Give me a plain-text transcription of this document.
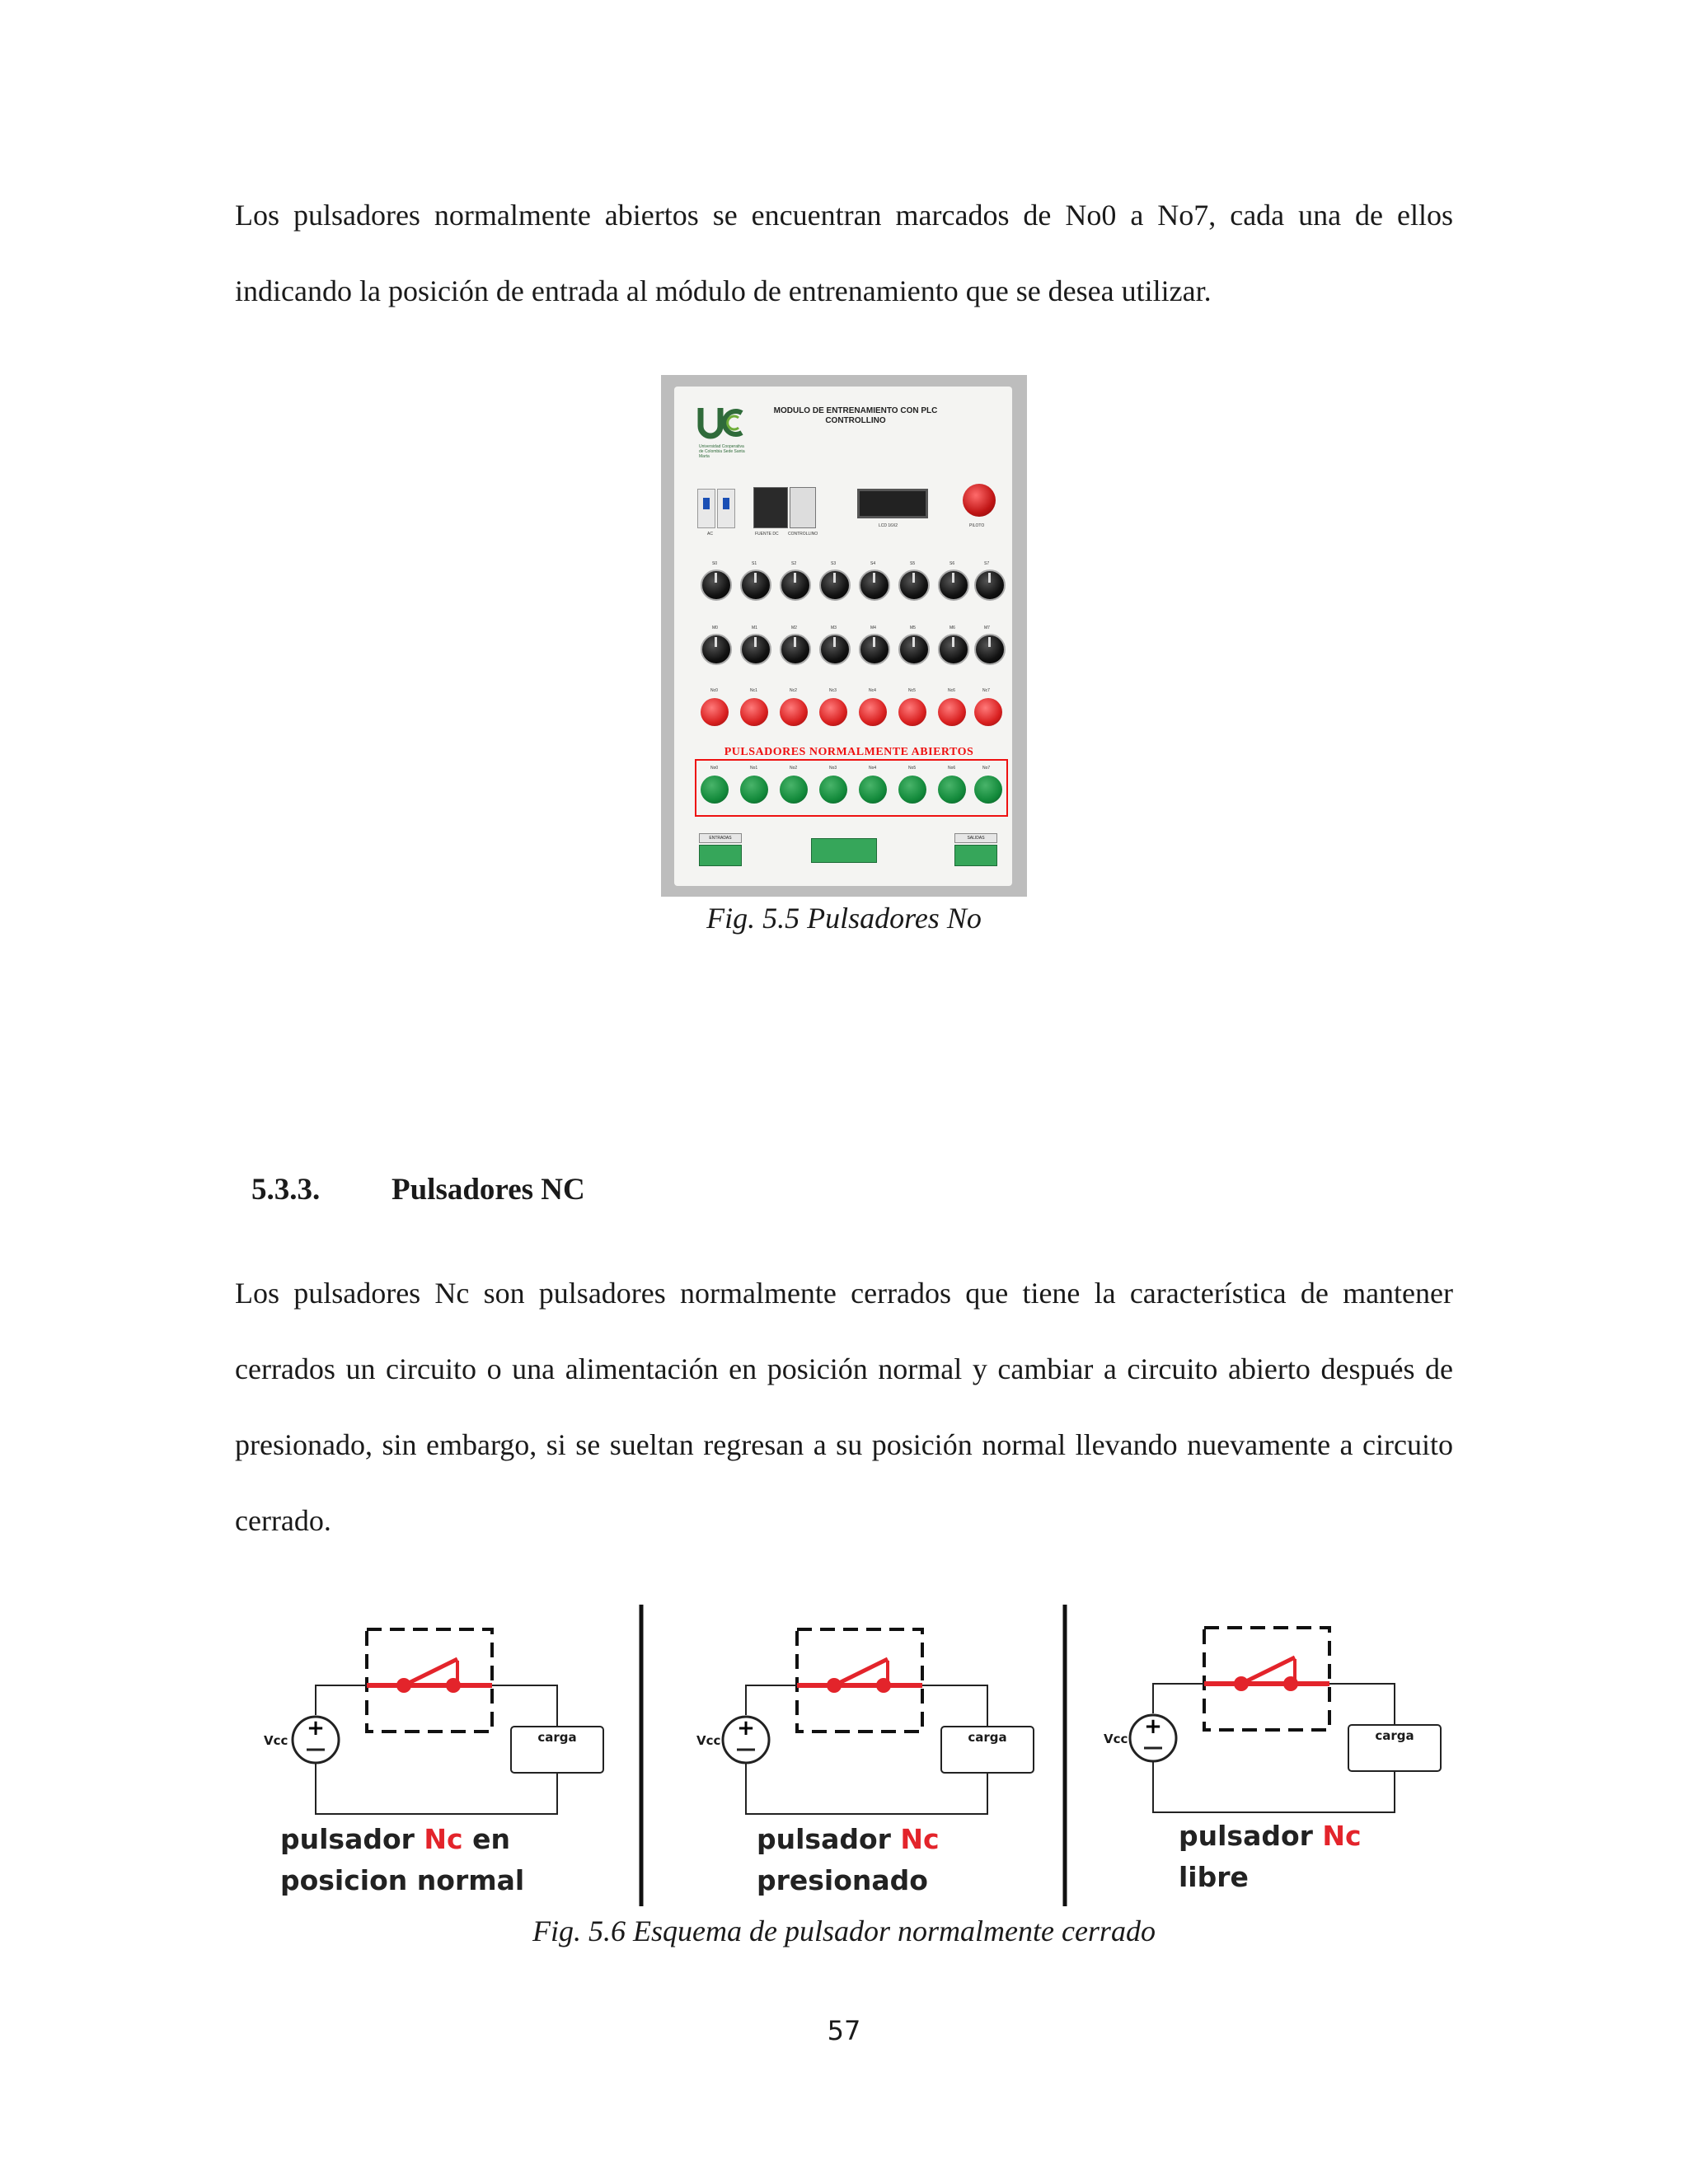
Los pulsadores normalmente abiertos se encuentran marcados de No0 a No7, cada una de ellos indicando la posición de entrada al módulo de entrenamiento que se desea utilizar.

Universidad Cooperativa de Colombia Sede Santa Marta
MODULO DE ENTRENAMIENTO CON PLC CONTROLLINO
AC	FUENTE DC CONTROLLINO
LCD 16X2	PILOTO
S0	S1	S2	S3	S4	S5	S6	S7
M0	M1	M2	M3	M4	M5	M6	M7
Nc0	Nc1	Nc2	Nc3	Nc4	Nc5	Nc6	Nc7
PULSADORES NORMALMENTE ABIERTOS
No0	No1	No2	No3	No4	No5	No6	No7
ENTRADAS	SALIDAS
Fig. 5.5 Pulsadores No
5.3.3. Pulsadores NC

Los pulsadores Nc son pulsadores normalmente cerrados que tiene la característica de mantener cerrados un circuito o una alimentación en posición normal y cambiar a circuito abierto después de presionado, sin embargo, si se sueltan regresan a su posición normal llevando nuevamente a circuito cerrado.

+	+	+
Vcc	Vcc	Vcc
carga	carga	carga
pulsador Nc en
posicion normal
pulsador Nc
presionado
pulsador Nc
libre
Fig. 5.6 Esquema de pulsador normalmente cerrado
57
